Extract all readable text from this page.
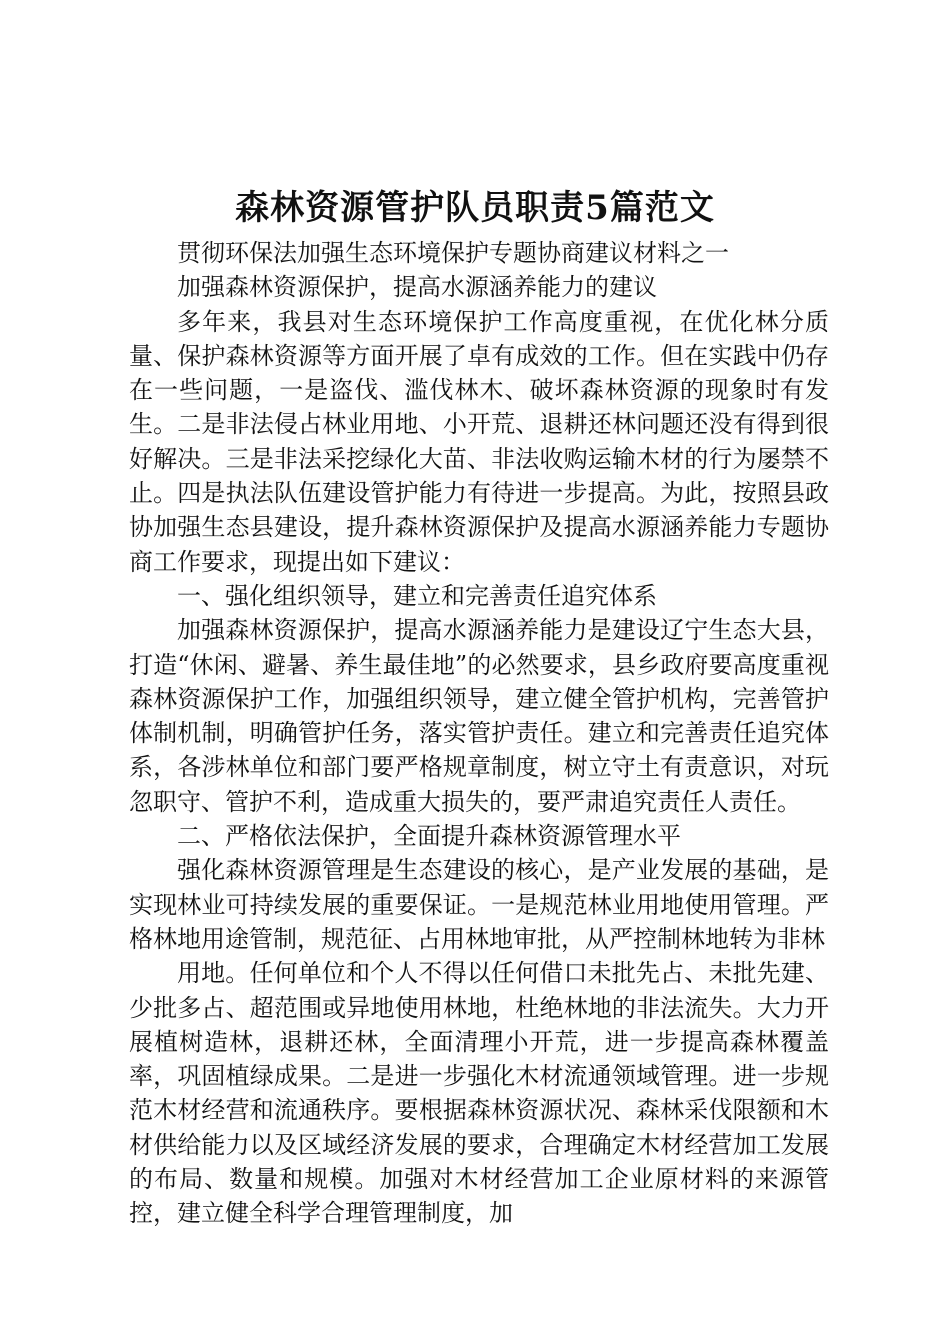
森林资源管护队员职责5篇范文

贯彻环保法加强生态环境保护专题协商建议材料之一

加强森林资源保护，提高水源涵养能力的建议

多年来，我县对生态环境保护工作高度重视，在优化林分质量、保护森林资源等方面开展了卓有成效的工作。但在实践中仍存在一些问题，一是盗伐、滥伐林木、破坏森林资源的现象时有发生。二是非法侵占林业用地、小开荒、退耕还林问题还没有得到很好解决。三是非法采挖绿化大苗、非法收购运输木材的行为屡禁不止。四是执法队伍建设管护能力有待进一步提高。为此，按照县政协加强生态县建设，提升森林资源保护及提高水源涵养能力专题协商工作要求，现提出如下建议：

一、强化组织领导，建立和完善责任追究体系

加强森林资源保护，提高水源涵养能力是建设辽宁生态大县，打造“休闲、避暑、养生最佳地”的必然要求，县乡政府要高度重视森林资源保护工作，加强组织领导，建立健全管护机构，完善管护体制机制，明确管护任务，落实管护责任。建立和完善责任追究体系，各涉林单位和部门要严格规章制度，树立守土有责意识，对玩忽职守、管护不利，造成重大损失的，要严肃追究责任人责任。

二、严格依法保护，全面提升森林资源管理水平

强化森林资源管理是生态建设的核心，是产业发展的基础，是实现林业可持续发展的重要保证。一是规范林业用地使用管理。严格林地用途管制，规范征、占用林地审批，从严控制林地转为非林

用地。任何单位和个人不得以任何借口未批先占、未批先建、少批多占、超范围或异地使用林地，杜绝林地的非法流失。大力开展植树造林，退耕还林，全面清理小开荒，进一步提高森林覆盖率，巩固植绿成果。二是进一步强化木材流通领域管理。进一步规范木材经营和流通秩序。要根据森林资源状况、森林采伐限额和木材供给能力以及区域经济发展的要求，合理确定木材经营加工发展的布局、数量和规模。加强对木材经营加工企业原材料的来源管控，建立健全科学合理管理制度，加
